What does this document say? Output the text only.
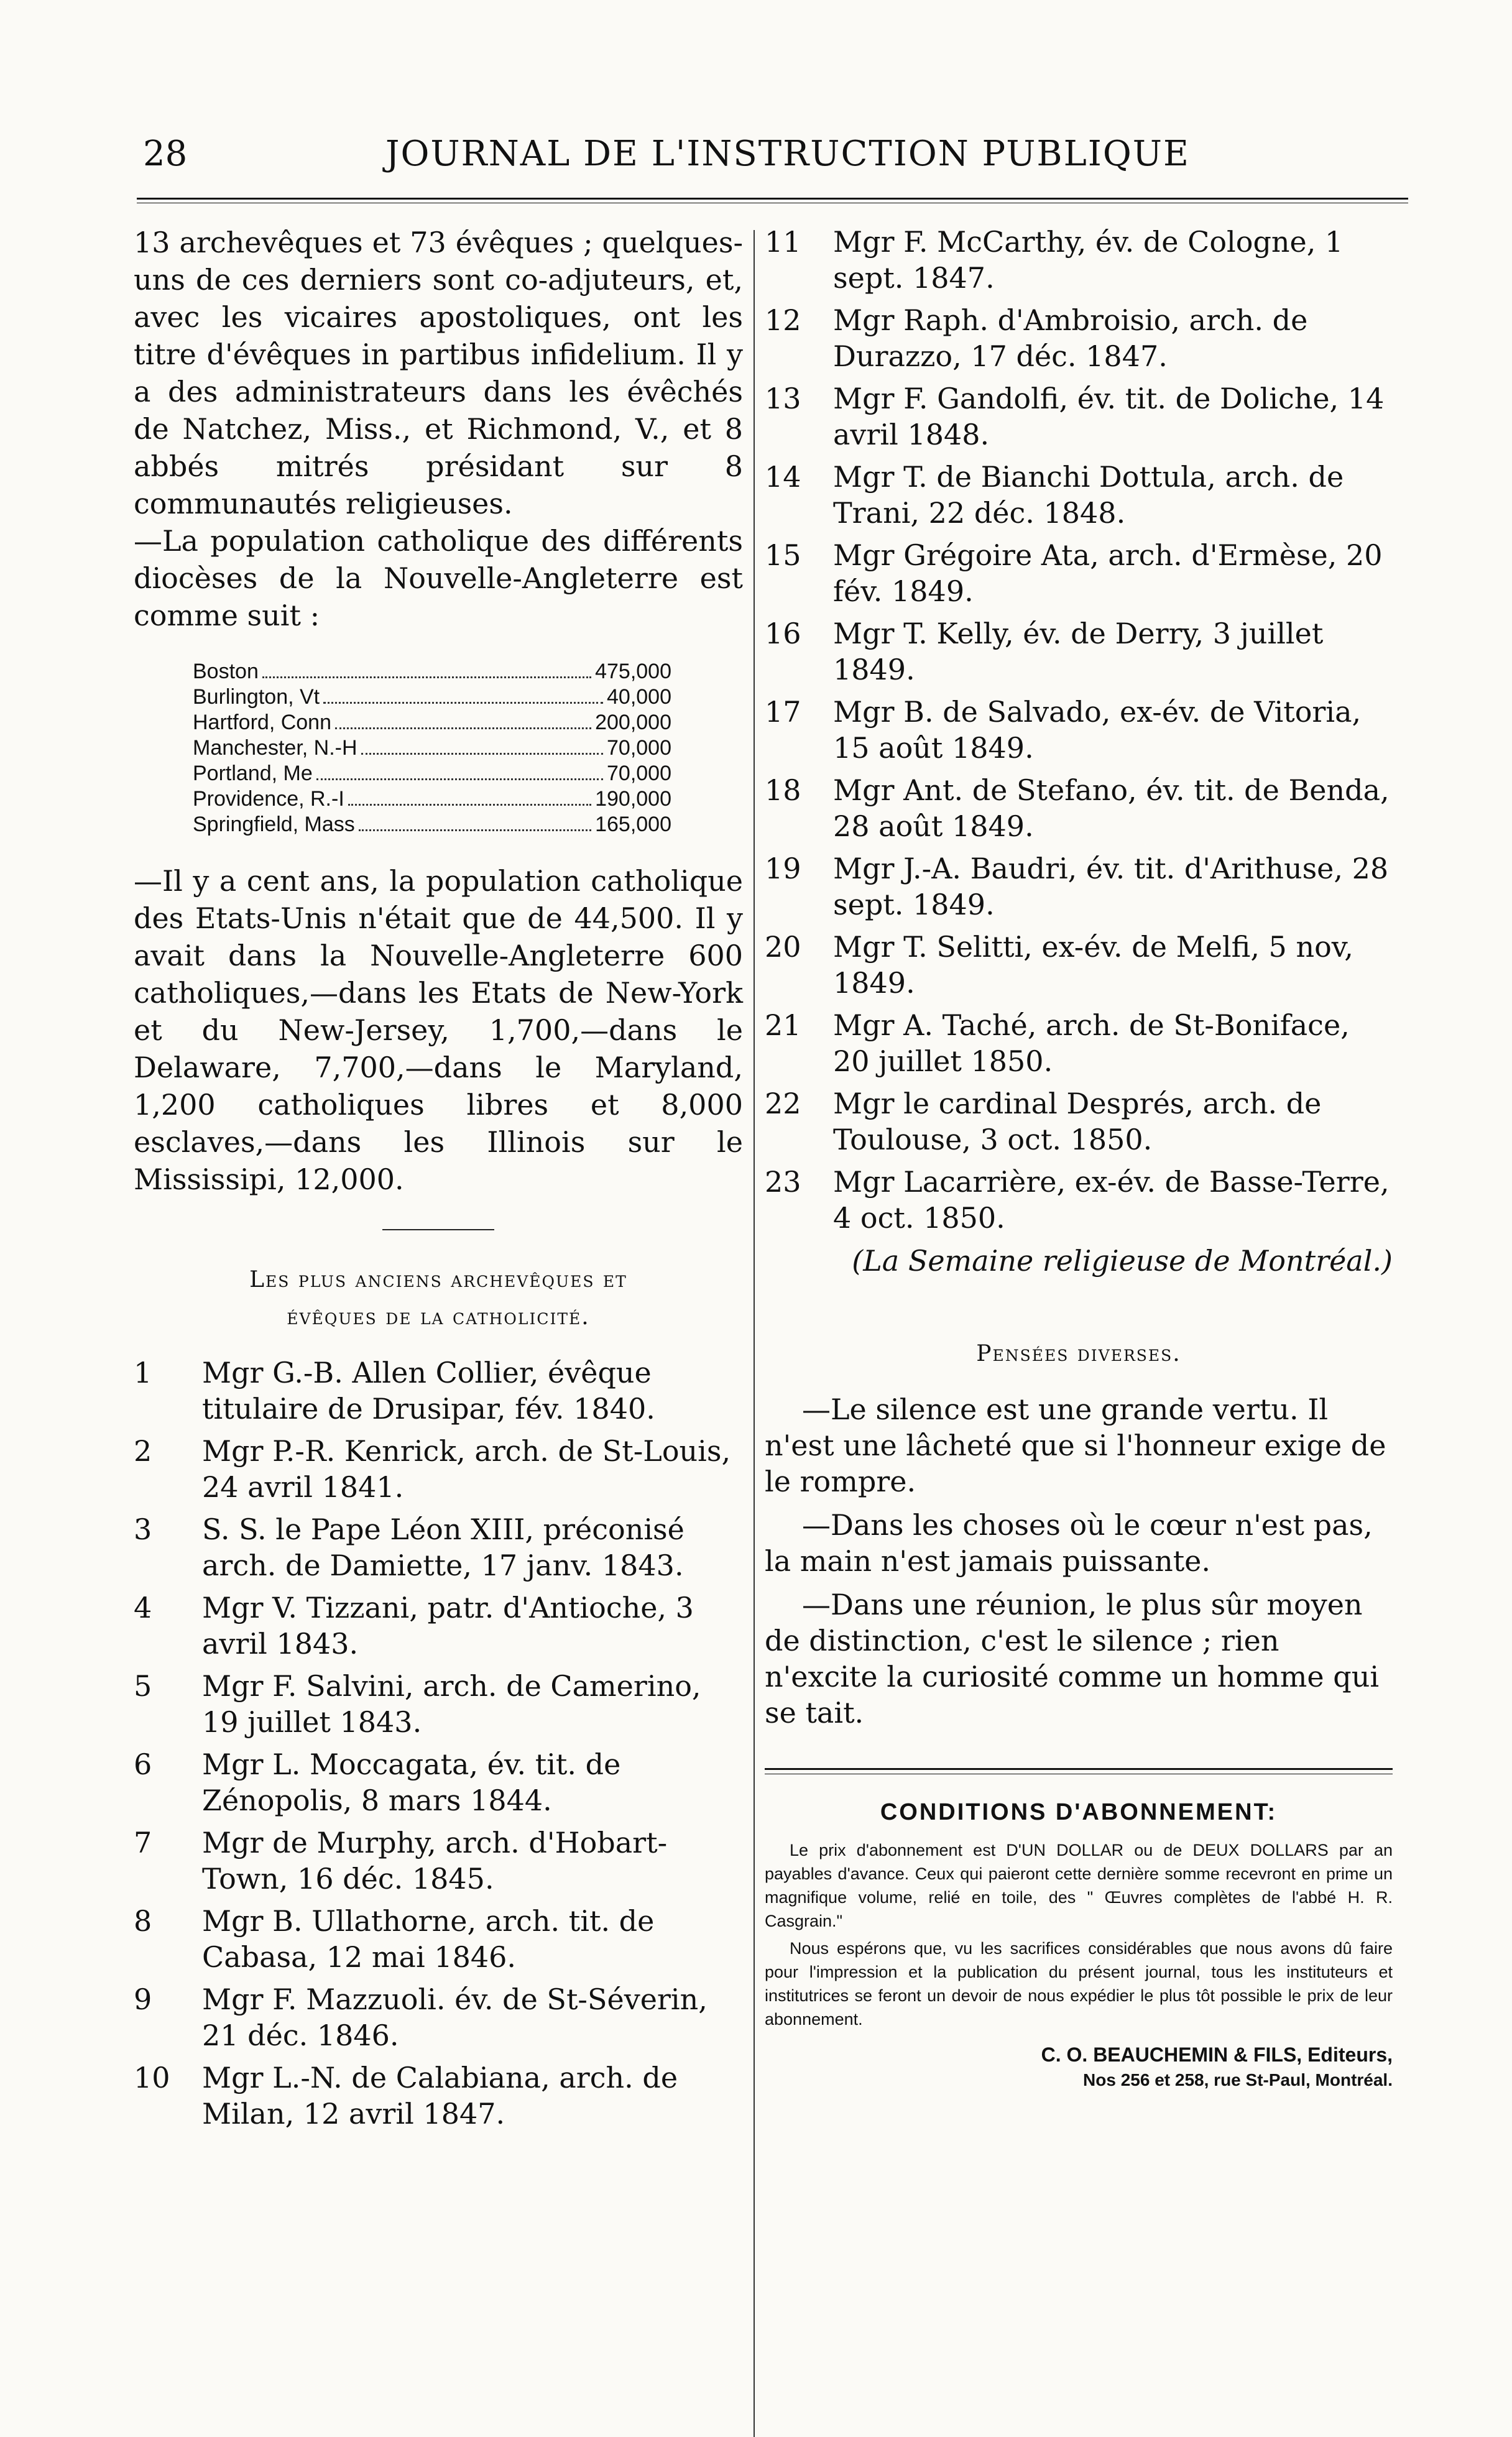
28	JOURNAL DE L'INSTRUCTION PUBLIQUE

13 archevêques et 73 évêques ; quelques-uns de ces derniers sont co-adjuteurs, et, avec les vicaires apostoliques, ont les titre d'évêques in partibus infidelium. Il y a des administrateurs dans les évêchés de Natchez, Miss., et Richmond, V., et 8 abbés mitrés présidant sur 8 communautés religieuses.

—La population catholique des différents diocèses de la Nouvelle-Angleterre est comme suit :

Boston	475,000
Burlington, Vt	40,000
Hartford, Conn	200,000
Manchester, N.-H	70,000
Portland, Me	70,000
Providence, R.-I	190,000
Springfield, Mass	165,000

—Il y a cent ans, la population catholique des Etats-Unis n'était que de 44,500. Il y avait dans la Nouvelle-Angleterre 600 catholiques,—dans les Etats de New-York et du New-Jersey, 1,700,—dans le Delaware, 7,700,—dans le Maryland, 1,200 catholiques libres et 8,000 esclaves,—dans les Illinois sur le Mississipi, 12,000.

Les plus anciens archevêques et
évêques de la catholicité.
1	Mgr G.-B. Allen Collier, évêque titulaire de Drusipar, fév. 1840.
2	Mgr P.-R. Kenrick, arch. de St-Louis, 24 avril 1841.
3	S. S. le Pape Léon XIII, préconisé arch. de Damiette, 17 janv. 1843.
4	Mgr V. Tizzani, patr. d'Antioche, 3 avril 1843.
5	Mgr F. Salvini, arch. de Camerino, 19 juillet 1843.
6	Mgr L. Moccagata, év. tit. de Zénopolis, 8 mars 1844.
7	Mgr de Murphy, arch. d'Hobart-Town, 16 déc. 1845.
8	Mgr B. Ullathorne, arch. tit. de Cabasa, 12 mai 1846.
9	Mgr F. Mazzuoli. év. de St-Séverin, 21 déc. 1846.
10	Mgr L.-N. de Calabiana, arch. de Milan, 12 avril 1847.
11	Mgr F. McCarthy, év. de Cologne, 1 sept. 1847.
12	Mgr Raph. d'Ambroisio, arch. de Durazzo, 17 déc. 1847.
13	Mgr F. Gandolfi, év. tit. de Doliche, 14 avril 1848.
14	Mgr T. de Bianchi Dottula, arch. de Trani, 22 déc. 1848.
15	Mgr Grégoire Ata, arch. d'Ermèse, 20 fév. 1849.
16	Mgr T. Kelly, év. de Derry, 3 juillet 1849.
17	Mgr B. de Salvado, ex-év. de Vitoria, 15 août 1849.
18	Mgr Ant. de Stefano, év. tit. de Benda, 28 août 1849.
19	Mgr J.-A. Baudri, év. tit. d'Arithuse, 28 sept. 1849.
20	Mgr T. Selitti, ex-év. de Melfi, 5 nov, 1849.
21	Mgr A. Taché, arch. de St-Boniface, 20 juillet 1850.
22	Mgr le cardinal Després, arch. de Toulouse, 3 oct. 1850.
23	Mgr Lacarrière, ex-év. de Basse-Terre, 4 oct. 1850.
(La Semaine religieuse de Montréal.)
Pensées diverses.

—Le silence est une grande vertu. Il n'est une lâcheté que si l'honneur exige de le rompre.

—Dans les choses où le cœur n'est pas, la main n'est jamais puissante.

—Dans une réunion, le plus sûr moyen de distinction, c'est le silence ; rien n'excite la curiosité comme un homme qui se tait.

CONDITIONS D'ABONNEMENT:

Le prix d'abonnement est D'UN DOLLAR ou de DEUX DOLLARS par an payables d'avance. Ceux qui paieront cette dernière somme recevront en prime un magnifique volume, relié en toile, des " Œuvres complètes de l'abbé H. R. Casgrain."

Nous espérons que, vu les sacrifices considérables que nous avons dû faire pour l'impression et la publication du présent journal, tous les instituteurs et institutrices se feront un devoir de nous expédier le plus tôt possible le prix de leur abonnement.

C. O. BEAUCHEMIN & FILS, Editeurs,
Nos 256 et 258, rue St-Paul, Montréal.
